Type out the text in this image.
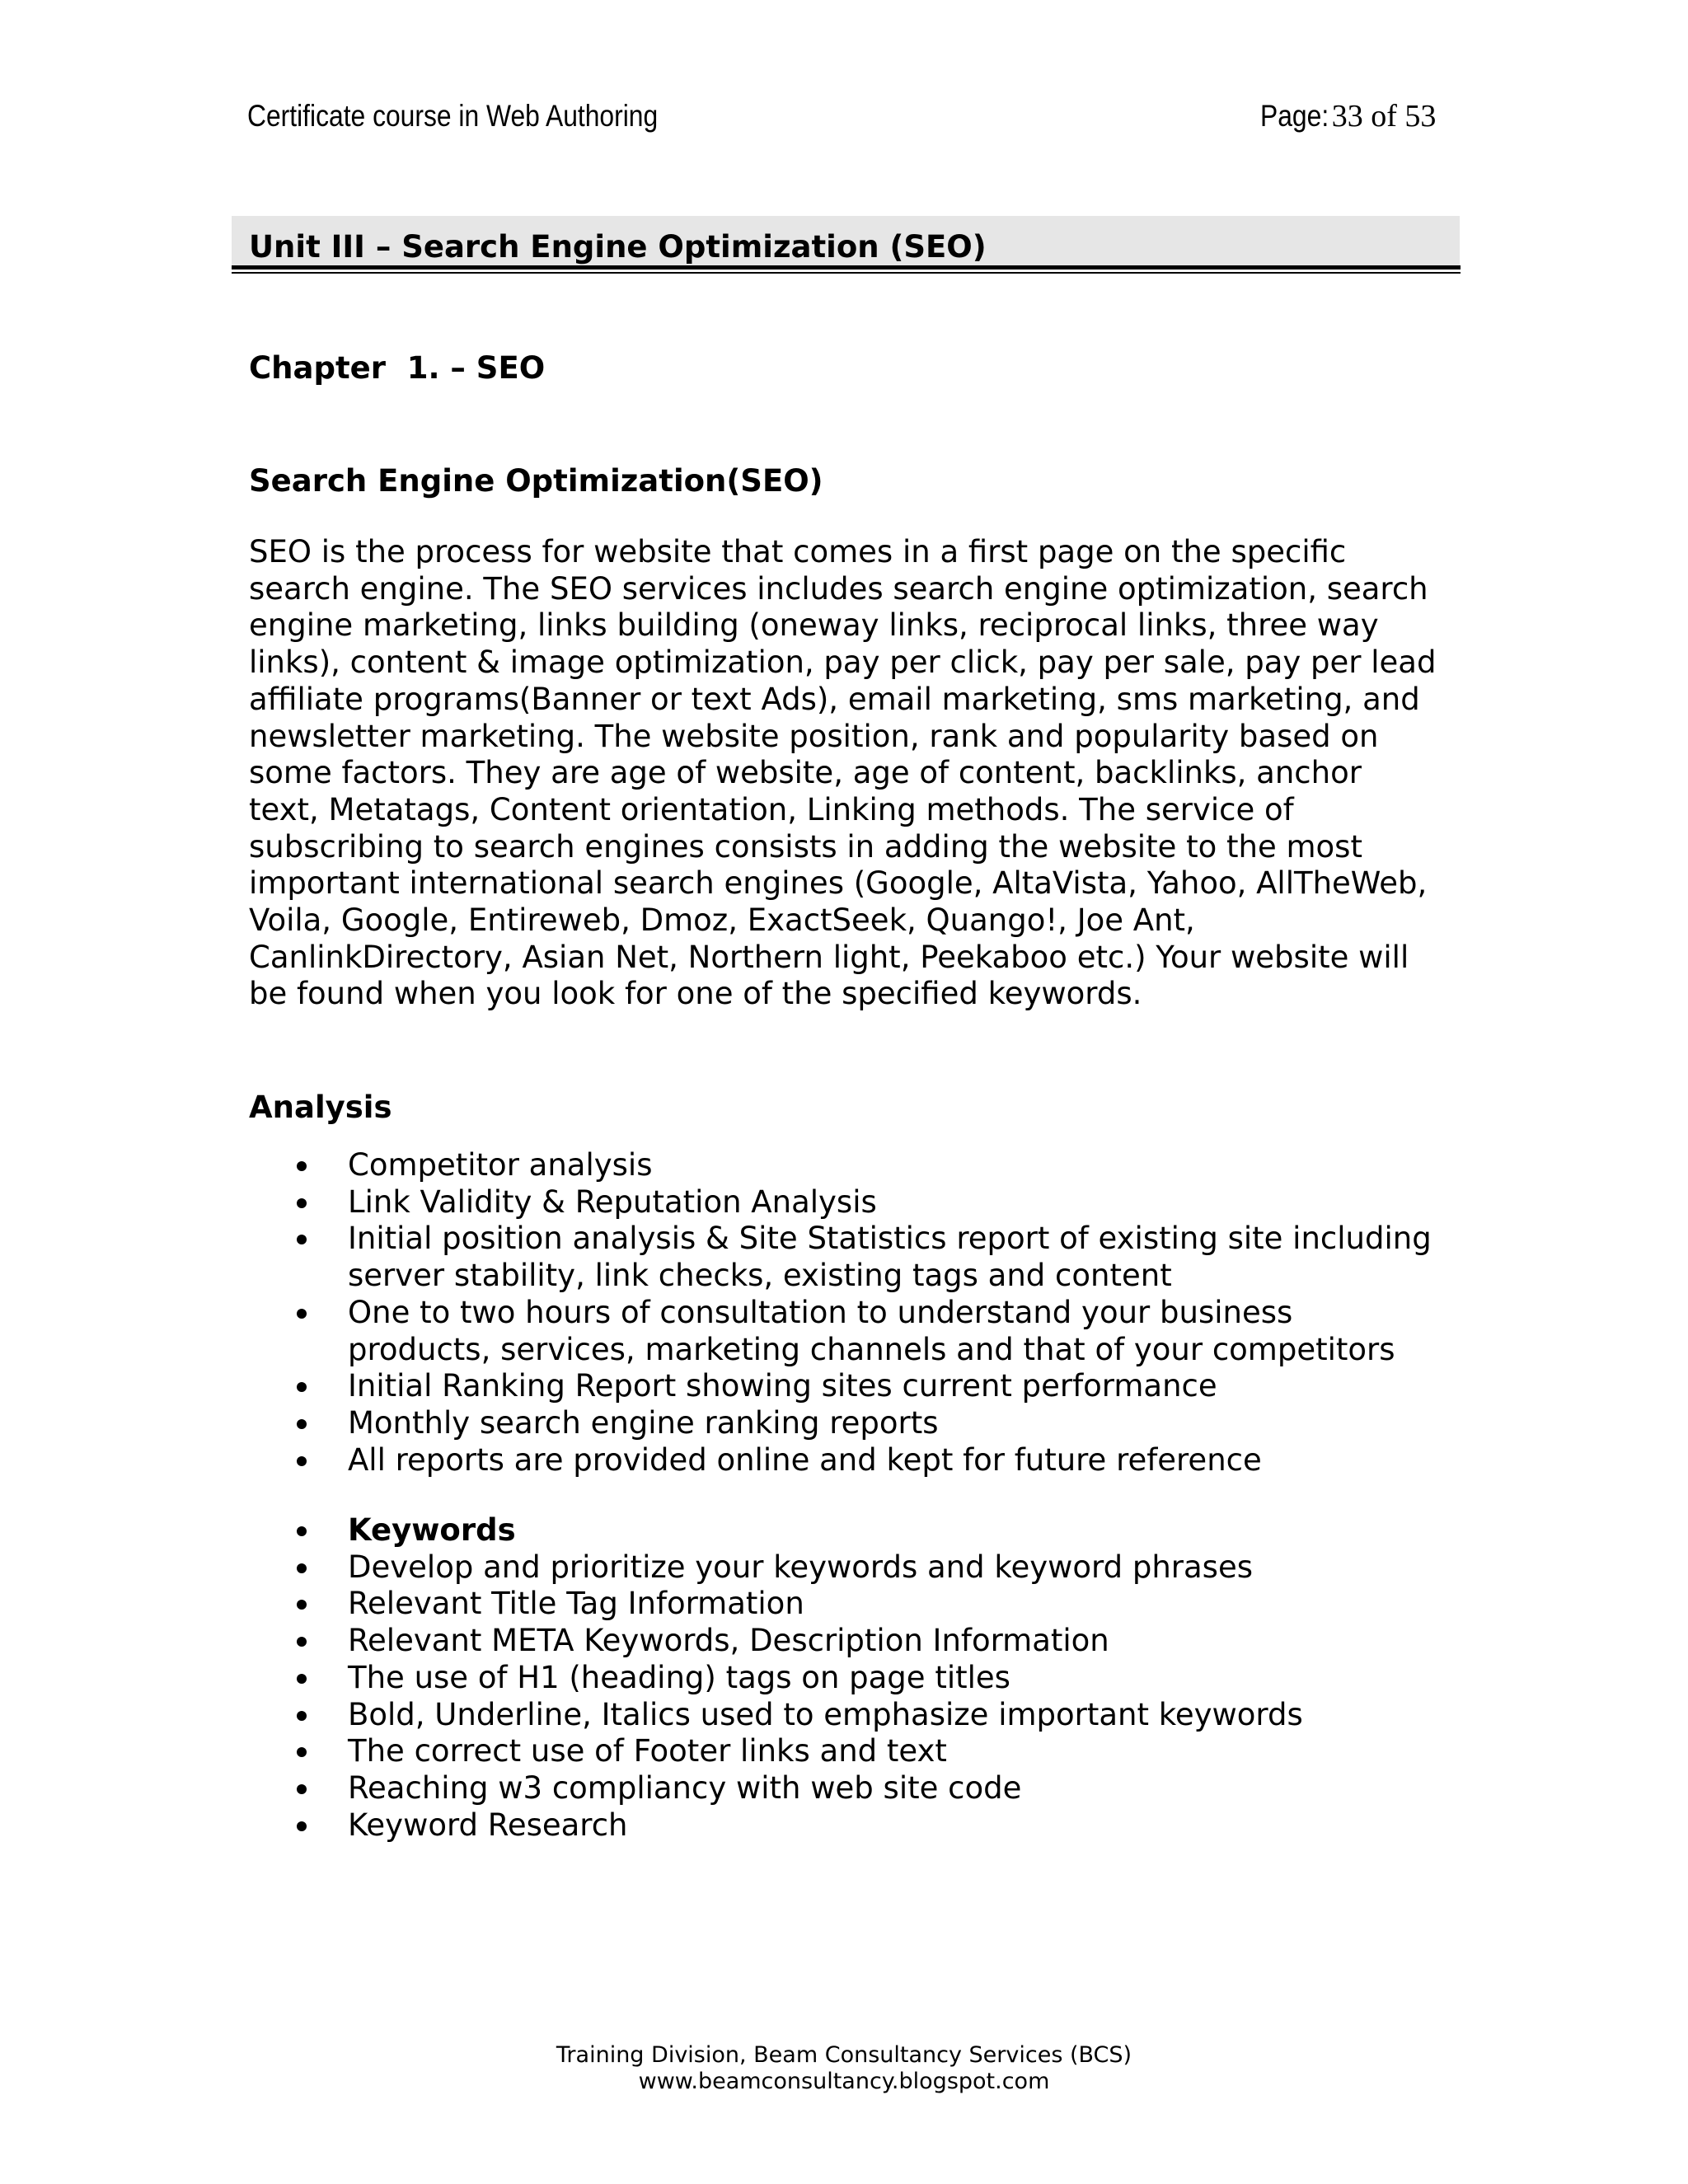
Certificate course in Web Authoring	Page:33 of 53
Unit III – Search Engine Optimization (SEO)
Chapter  1. – SEO
Search Engine Optimization(SEO)

SEO is the process for website that comes in a first page on the specific
search engine. The SEO services includes search engine optimization, search
engine marketing, links building (oneway links, reciprocal links, three way
links), content & image optimization, pay per click, pay per sale, pay per lead
affiliate programs(Banner or text Ads), email marketing, sms marketing, and
newsletter marketing. The website position, rank and popularity based on
some factors. They are age of website, age of content, backlinks, anchor
text, Metatags, Content orientation, Linking methods. The service of
subscribing to search engines consists in adding the website to the most
important international search engines (Google, AltaVista, Yahoo, AllTheWeb,
Voila, Google, Entireweb, Dmoz, ExactSeek, Quango!, Joe Ant,
CanlinkDirectory, Asian Net, Northern light, Peekaboo etc.) Your website will
be found when you look for one of the specified keywords.

Analysis
Competitor analysis
Link Validity & Reputation Analysis
Initial position analysis & Site Statistics report of existing site including
server stability, link checks, existing tags and content
One to two hours of consultation to understand your business
products, services, marketing channels and that of your competitors
Initial Ranking Report showing sites current performance
Monthly search engine ranking reports
All reports are provided online and kept for future reference
Keywords
Develop and prioritize your keywords and keyword phrases
Relevant Title Tag Information
Relevant META Keywords, Description Information
The use of H1 (heading) tags on page titles
Bold, Underline, Italics used to emphasize important keywords
The correct use of Footer links and text
Reaching w3 compliancy with web site code
Keyword Research
Training Division, Beam Consultancy Services (BCS)
www.beamconsultancy.blogspot.com
